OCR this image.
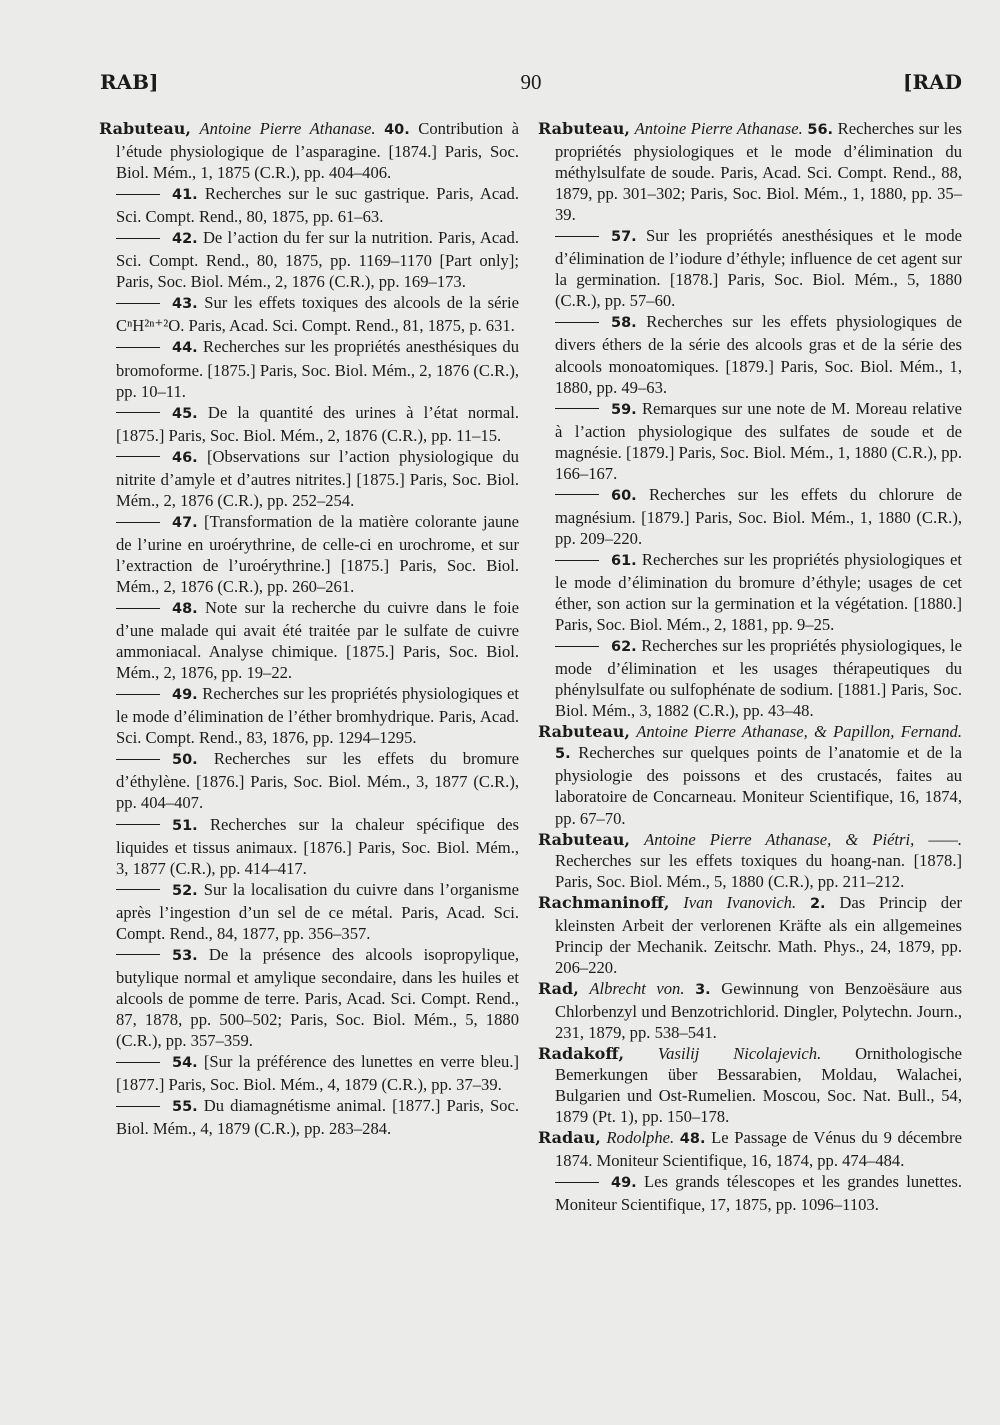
RAB]	90	[RAD

Rabuteau, Antoine Pierre Athanase. 40. Contribution à l’étude physiologique de l’asparagine. [1874.] Paris, Soc. Biol. Mém., 1, 1875 (C.R.), pp. 404–406.

41. Recherches sur le suc gastrique. Paris, Acad. Sci. Compt. Rend., 80, 1875, pp. 61–63.

42. De l’action du fer sur la nutrition. Paris, Acad. Sci. Compt. Rend., 80, 1875, pp. 1169–1170 [Part only]; Paris, Soc. Biol. Mém., 2, 1876 (C.R.), pp. 169–173.

43. Sur les effets toxiques des alcools de la série CⁿH²ⁿ⁺²O. Paris, Acad. Sci. Compt. Rend., 81, 1875, p. 631.

44. Recherches sur les propriétés anesthésiques du bromoforme. [1875.] Paris, Soc. Biol. Mém., 2, 1876 (C.R.), pp. 10–11.

45. De la quantité des urines à l’état normal. [1875.] Paris, Soc. Biol. Mém., 2, 1876 (C.R.), pp. 11–15.

46. [Observations sur l’action physiologique du nitrite d’amyle et d’autres nitrites.] [1875.] Paris, Soc. Biol. Mém., 2, 1876 (C.R.), pp. 252–254.

47. [Transformation de la matière colorante jaune de l’urine en uroérythrine, de celle-ci en urochrome, et sur l’extraction de l’uroérythrine.] [1875.] Paris, Soc. Biol. Mém., 2, 1876 (C.R.), pp. 260–261.

48. Note sur la recherche du cuivre dans le foie d’une malade qui avait été traitée par le sulfate de cuivre ammoniacal. Analyse chimique. [1875.] Paris, Soc. Biol. Mém., 2, 1876, pp. 19–22.

49. Recherches sur les propriétés physiologiques et le mode d’élimination de l’éther bromhydrique. Paris, Acad. Sci. Compt. Rend., 83, 1876, pp. 1294–1295.

50. Recherches sur les effets du bromure d’éthylène. [1876.] Paris, Soc. Biol. Mém., 3, 1877 (C.R.), pp. 404–407.

51. Recherches sur la chaleur spécifique des liquides et tissus animaux. [1876.] Paris, Soc. Biol. Mém., 3, 1877 (C.R.), pp. 414–417.

52. Sur la localisation du cuivre dans l’organisme après l’ingestion d’un sel de ce métal. Paris, Acad. Sci. Compt. Rend., 84, 1877, pp. 356–357.

53. De la présence des alcools isopropylique, butylique normal et amylique secondaire, dans les huiles et alcools de pomme de terre. Paris, Acad. Sci. Compt. Rend., 87, 1878, pp. 500–502; Paris, Soc. Biol. Mém., 5, 1880 (C.R.), pp. 357–359.

54. [Sur la préférence des lunettes en verre bleu.] [1877.] Paris, Soc. Biol. Mém., 4, 1879 (C.R.), pp. 37–39.

55. Du diamagnétisme animal. [1877.] Paris, Soc. Biol. Mém., 4, 1879 (C.R.), pp. 283–284.

Rabuteau, Antoine Pierre Athanase. 56. Recherches sur les propriétés physiologiques et le mode d’élimination du méthylsulfate de soude. Paris, Acad. Sci. Compt. Rend., 88, 1879, pp. 301–302; Paris, Soc. Biol. Mém., 1, 1880, pp. 35–39.

57. Sur les propriétés anesthésiques et le mode d’élimination de l’iodure d’éthyle; influence de cet agent sur la germination. [1878.] Paris, Soc. Biol. Mém., 5, 1880 (C.R.), pp. 57–60.

58. Recherches sur les effets physiologiques de divers éthers de la série des alcools gras et de la série des alcools monoatomiques. [1879.] Paris, Soc. Biol. Mém., 1, 1880, pp. 49–63.

59. Remarques sur une note de M. Moreau relative à l’action physiologique des sulfates de soude et de magnésie. [1879.] Paris, Soc. Biol. Mém., 1, 1880 (C.R.), pp. 166–167.

60. Recherches sur les effets du chlorure de magnésium. [1879.] Paris, Soc. Biol. Mém., 1, 1880 (C.R.), pp. 209–220.

61. Recherches sur les propriétés physiologiques et le mode d’élimination du bromure d’éthyle; usages de cet éther, son action sur la germination et la végétation. [1880.] Paris, Soc. Biol. Mém., 2, 1881, pp. 9–25.

62. Recherches sur les propriétés physiologiques, le mode d’élimination et les usages thérapeutiques du phénylsulfate ou sulfophénate de sodium. [1881.] Paris, Soc. Biol. Mém., 3, 1882 (C.R.), pp. 43–48.

Rabuteau, Antoine Pierre Athanase, & Papillon, Fernand. 5. Recherches sur quelques points de l’anatomie et de la physiologie des poissons et des crustacés, faites au laboratoire de Concarneau. Moniteur Scientifique, 16, 1874, pp. 67–70.

Rabuteau, Antoine Pierre Athanase, & Piétri, ——. Recherches sur les effets toxiques du hoang-nan. [1878.] Paris, Soc. Biol. Mém., 5, 1880 (C.R.), pp. 211–212.

Rachmaninoff, Ivan Ivanovich. 2. Das Princip der kleinsten Arbeit der verlorenen Kräfte als ein allgemeines Princip der Mechanik. Zeitschr. Math. Phys., 24, 1879, pp. 206–220.

Rad, Albrecht von. 3. Gewinnung von Benzoësäure aus Chlorbenzyl und Benzotrichlorid. Dingler, Polytechn. Journ., 231, 1879, pp. 538–541.

Radakoff, Vasilij Nicolajevich. Ornithologische Bemerkungen über Bessarabien, Moldau, Walachei, Bulgarien und Ost-Rumelien. Moscou, Soc. Nat. Bull., 54, 1879 (Pt. 1), pp. 150–178.

Radau, Rodolphe. 48. Le Passage de Vénus du 9 décembre 1874. Moniteur Scientifique, 16, 1874, pp. 474–484.

49. Les grands télescopes et les grandes lunettes. Moniteur Scientifique, 17, 1875, pp. 1096–1103.
